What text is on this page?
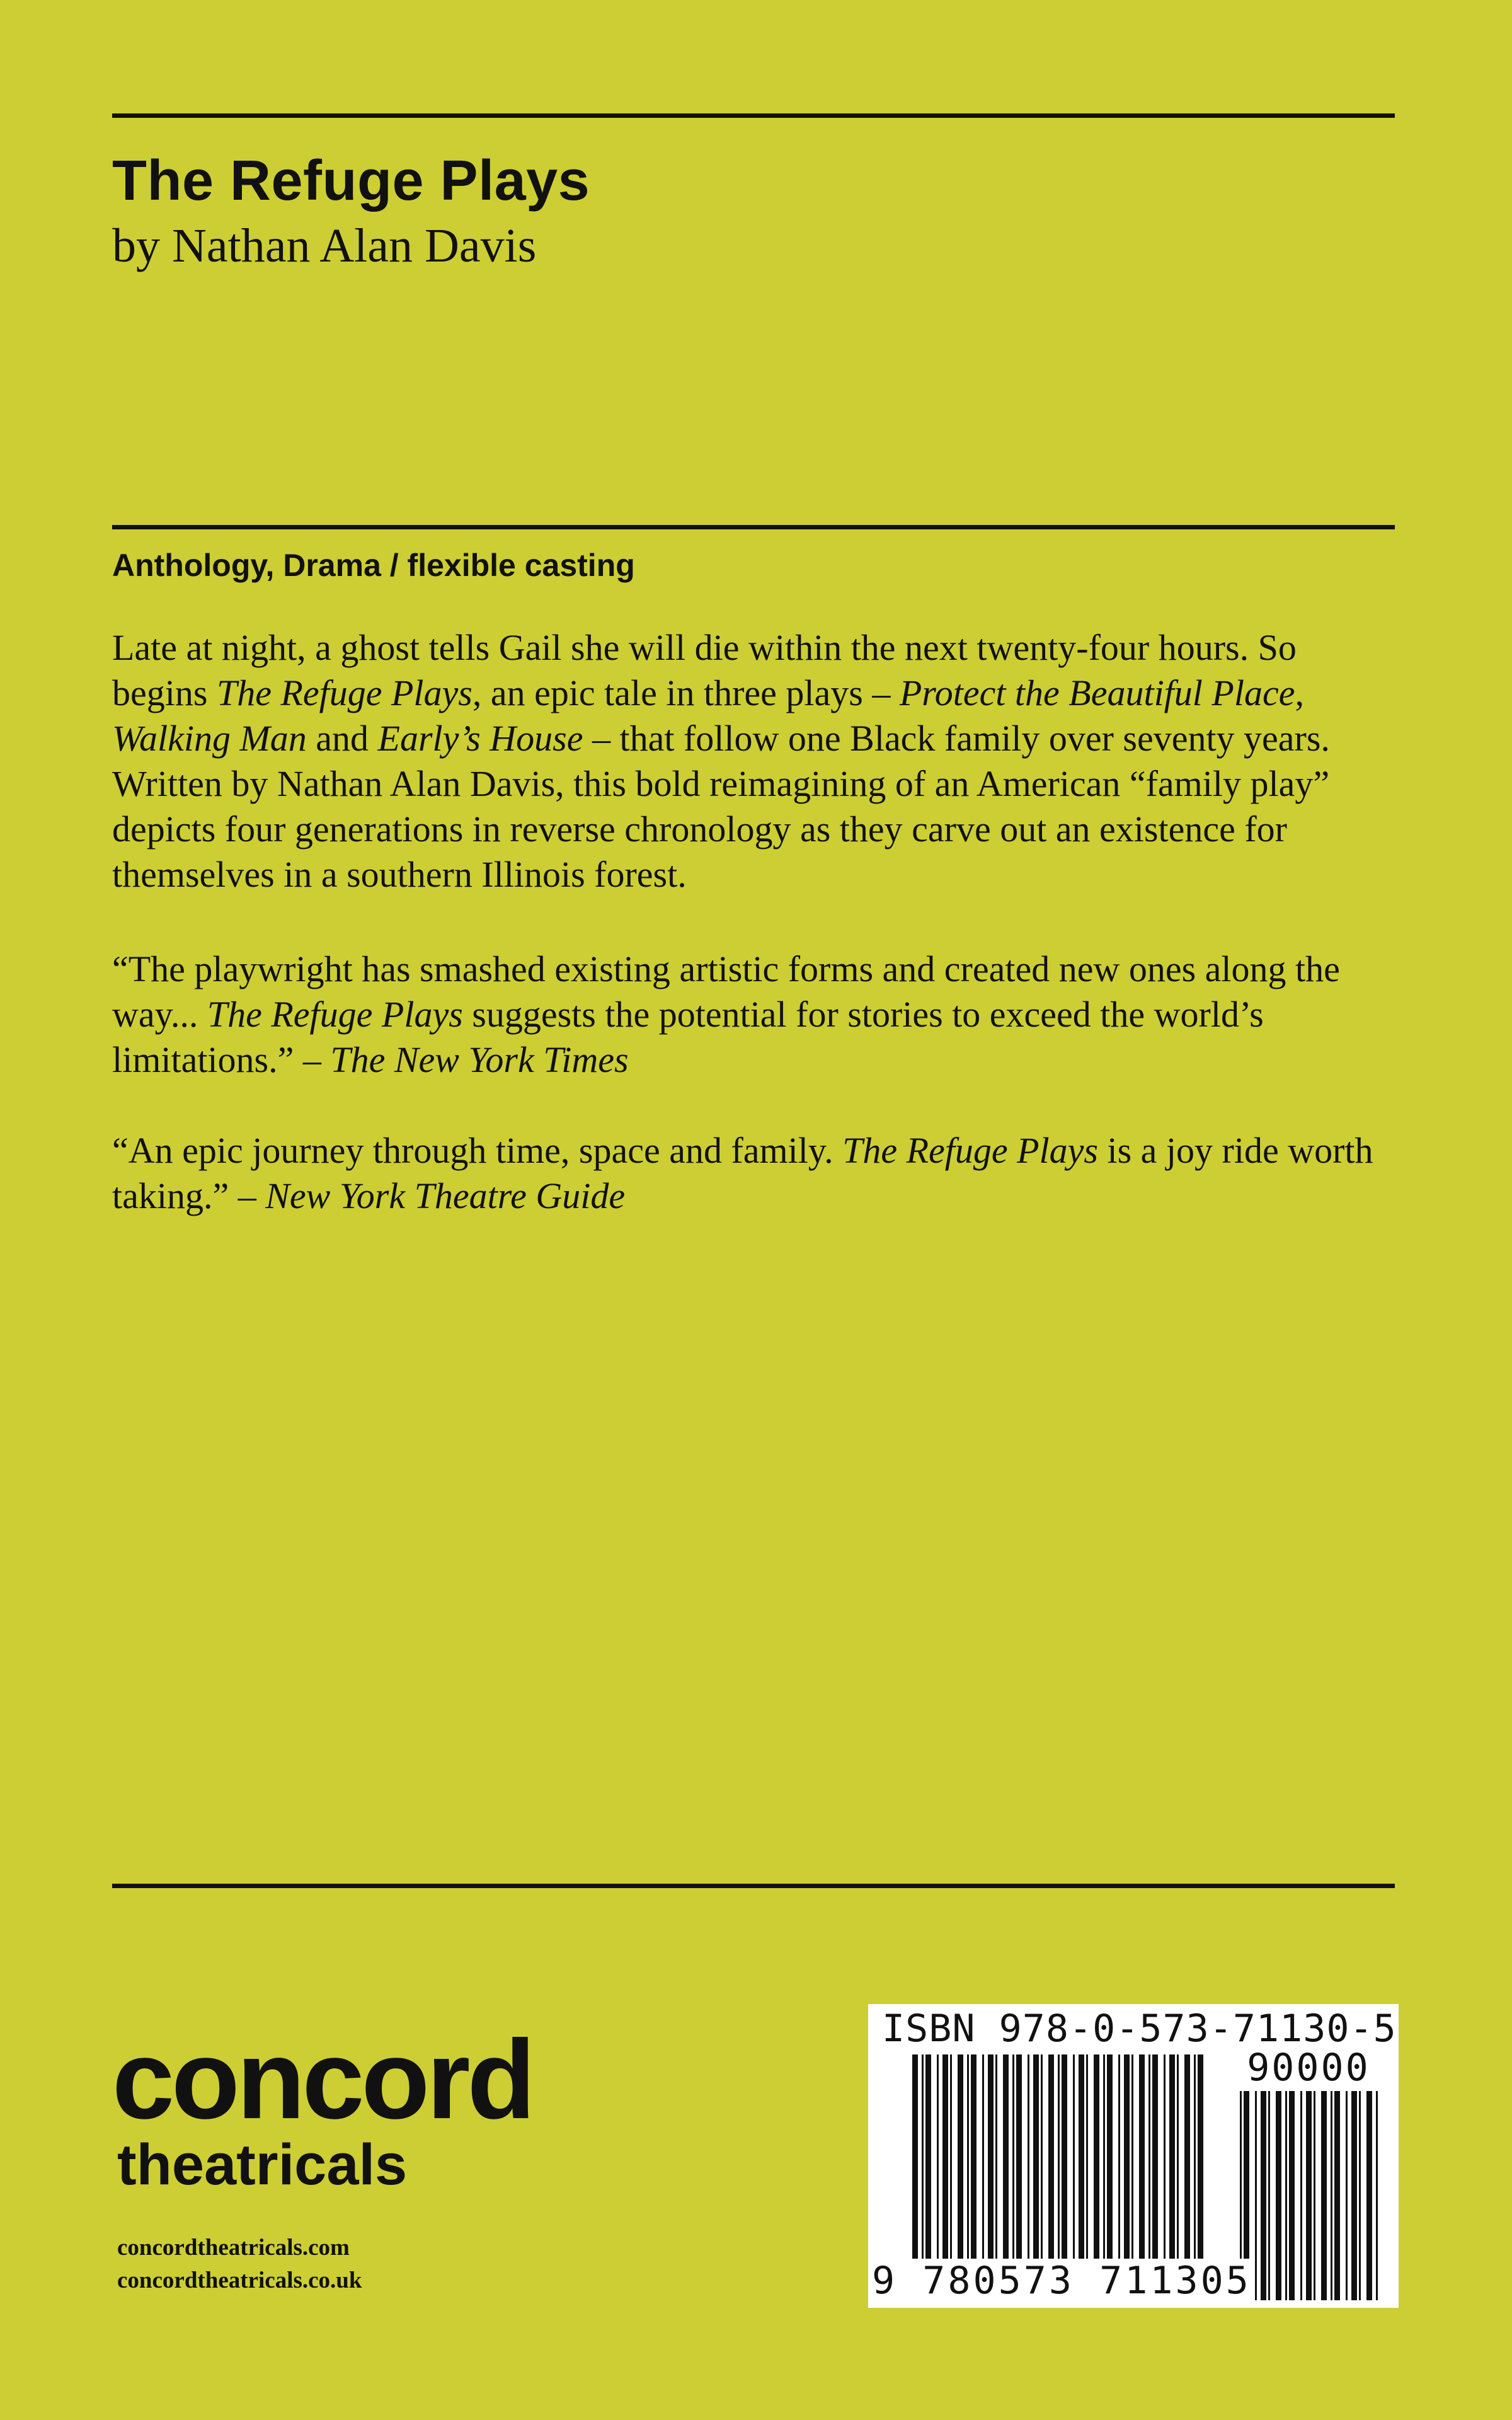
The Refuge Plays

by Nathan Alan Davis

Anthology, Drama / flexible casting

Late at night, a ghost tells Gail she will die within the next twenty-four hours. So begins The Refuge Plays, an epic tale in three plays – Protect the Beautiful Place, Walking Man and Early’s House – that follow one Black family over seventy years. Written by Nathan Alan Davis, this bold reimagining of an American “family play” depicts four generations in reverse chronology as they carve out an existence for themselves in a southern Illinois forest.

“The playwright has smashed existing artistic forms and created new ones along the way... The Refuge Plays suggests the potential for stories to exceed the world’s limitations.” – The New York Times

“An epic journey through time, space and family. The Refuge Plays is a joy ride worth taking.” – New York Theatre Guide

concord

theatricals

concordtheatricals.com

concordtheatricals.co.uk

ISBN 978-0-573-71130-5

90000

9 780573 711305
